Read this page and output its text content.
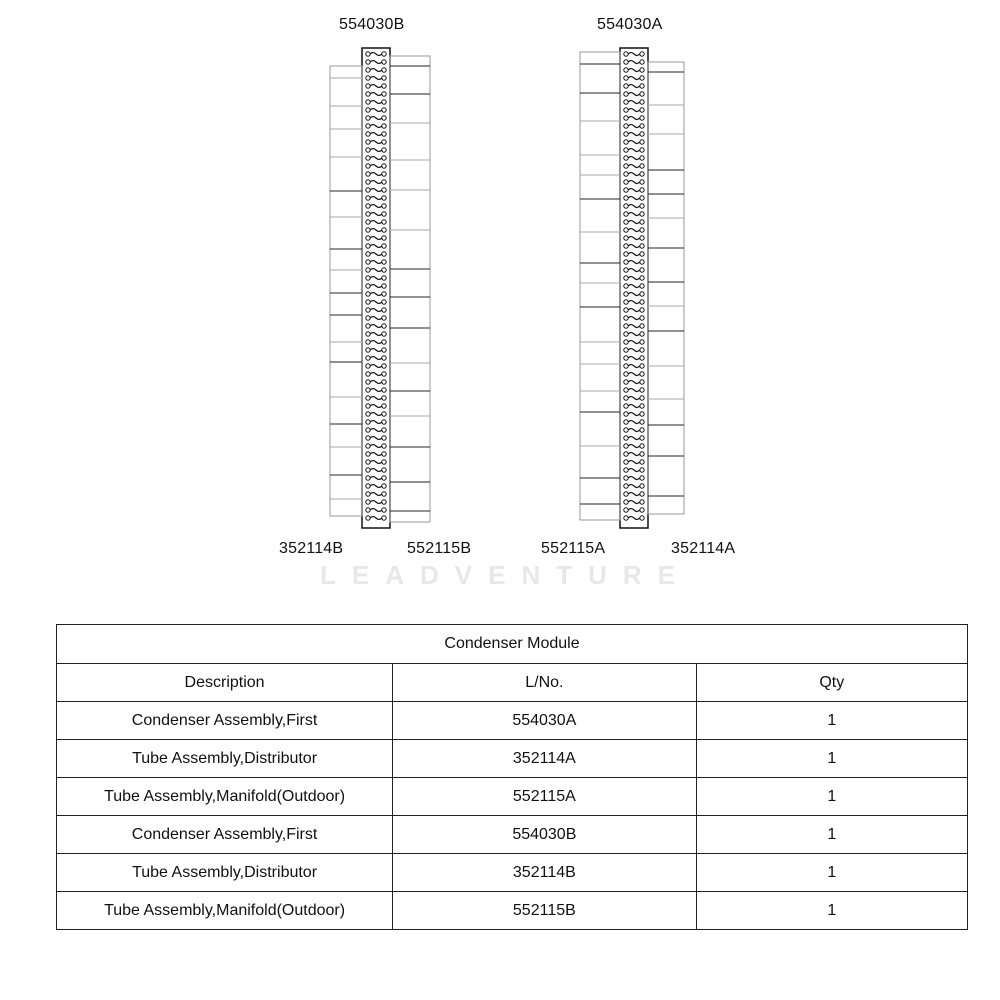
LEADVENTURE
554030B	554030A
352114B	552115B	552115A	352114A
Condenser Module		
Description	L/No.	Qty
Condenser Assembly,First	554030A	1
Tube Assembly,Distributor	352114A	1
Tube Assembly,Manifold(Outdoor)	552115A	1
Condenser Assembly,First	554030B	1
Tube Assembly,Distributor	352114B	1
Tube Assembly,Manifold(Outdoor)	552115B	1
